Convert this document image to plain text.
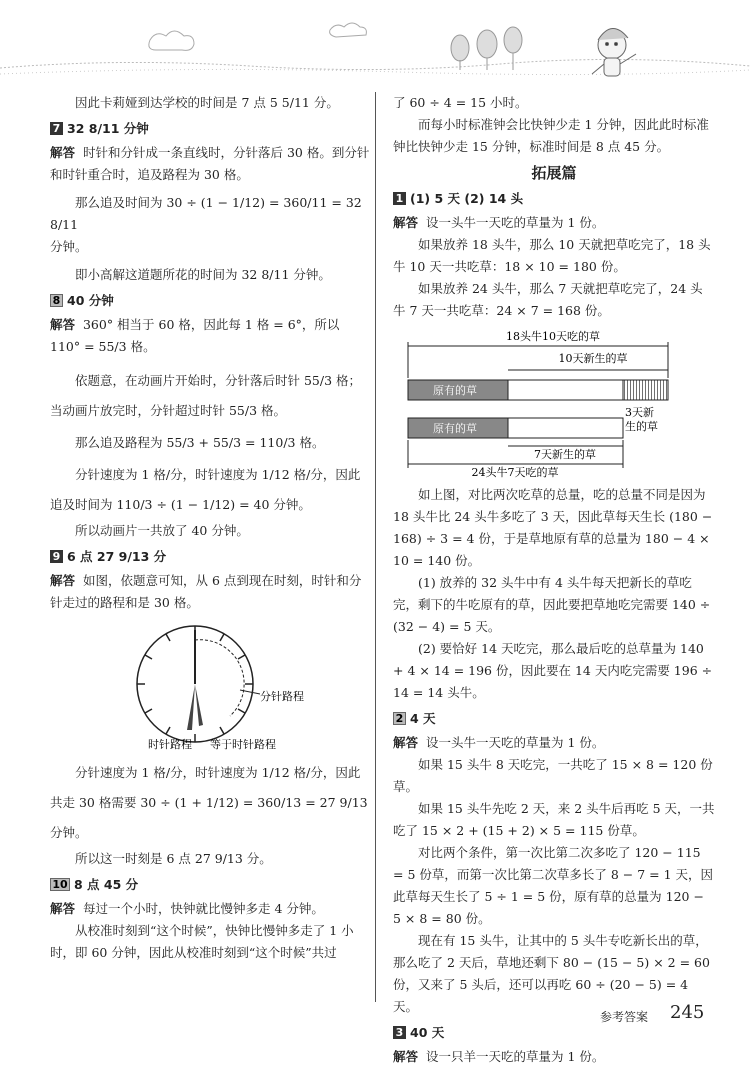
因此卡莉娅到达学校的时间是 7 点 5 5/11 分。

7 32 8/11 分钟

解答 时针和分针成一条直线时，分针落后 30 格。到分针和时针重合时，追及路程为 30 格。

那么追及时间为 30 ÷ (1 − 1/12) = 360/11 = 32 8/11

分钟。

即小高解这道题所花的时间为 32 8/11 分钟。

8 40 分钟

解答 360° 相当于 60 格，因此每 1 格 = 6°，所以 110° = 55/3 格。

依题意，在动画片开始时，分针落后时针 55/3 格；当动画片放完时，分针超过时针 55/3 格。

那么追及路程为 55/3 + 55/3 = 110/3 格。

分针速度为 1 格/分，时针速度为 1/12 格/分，因此追及时间为 110/3 ÷ (1 − 1/12) = 40 分钟。

所以动画片一共放了 40 分钟。

9 6 点 27 9/13 分

解答 如图，依题意可知，从 6 点到现在时刻，时针和分针走过的路程和是 30 格。

分针路程
时针路程 等于时针路程

分针速度为 1 格/分，时针速度为 1/12 格/分，因此共走 30 格需要 30 ÷ (1 + 1/12) = 360/13 = 27 9/13 分钟。

所以这一时刻是 6 点 27 9/13 分。

10 8 点 45 分

解答 每过一个小时，快钟就比慢钟多走 4 分钟。

从校准时刻到“这个时候”，快钟比慢钟多走了 1 小时，即 60 分钟，因此从校准时刻到“这个时候”共过

了 60 ÷ 4 = 15 小时。

而每小时标准钟会比快钟少走 1 分钟，因此此时标准钟比快钟少走 15 分钟，标准时间是 8 点 45 分。

拓展篇

1 (1) 5 天 (2) 14 头

解答 设一头牛一天吃的草量为 1 份。

如果放养 18 头牛，那么 10 天就把草吃完了，18 头牛 10 天一共吃草：18 × 10 = 180 份。

如果放养 24 头牛，那么 7 天就把草吃完了，24 头牛 7 天一共吃草：24 × 7 = 168 份。

18头牛10天吃的草
10天新生的草
原有的草
3天新
生的草
原有的草
7天新生的草
24头牛7天吃的草

如上图，对比两次吃草的总量，吃的总量不同是因为 18 头牛比 24 头牛多吃了 3 天，因此草每天生长 (180 − 168) ÷ 3 = 4 份，于是草地原有草的总量为 180 − 4 × 10 = 140 份。

(1) 放养的 32 头牛中有 4 头牛每天把新长的草吃完，剩下的牛吃原有的草，因此要把草地吃完需要 140 ÷ (32 − 4) = 5 天。

(2) 要恰好 14 天吃完，那么最后吃的总草量为 140 + 4 × 14 = 196 份，因此要在 14 天内吃完需要 196 ÷ 14 = 14 头牛。

2 4 天

解答 设一头牛一天吃的草量为 1 份。

如果 15 头牛 8 天吃完，一共吃了 15 × 8 = 120 份草。

如果 15 头牛先吃 2 天，来 2 头牛后再吃 5 天，一共吃了 15 × 2 + (15 + 2) × 5 = 115 份草。

对比两个条件，第一次比第二次多吃了 120 − 115 = 5 份草，而第一次比第二次草多长了 8 − 7 = 1 天，因此草每天生长了 5 ÷ 1 = 5 份，原有草的总量为 120 − 5 × 8 = 80 份。

现在有 15 头牛，让其中的 5 头牛专吃新长出的草，那么吃了 2 天后，草地还剩下 80 − (15 − 5) × 2 = 60 份，又来了 5 头后，还可以再吃 60 ÷ (20 − 5) = 4 天。

3 40 天

解答 设一只羊一天吃的草量为 1 份。

参考答案 245
